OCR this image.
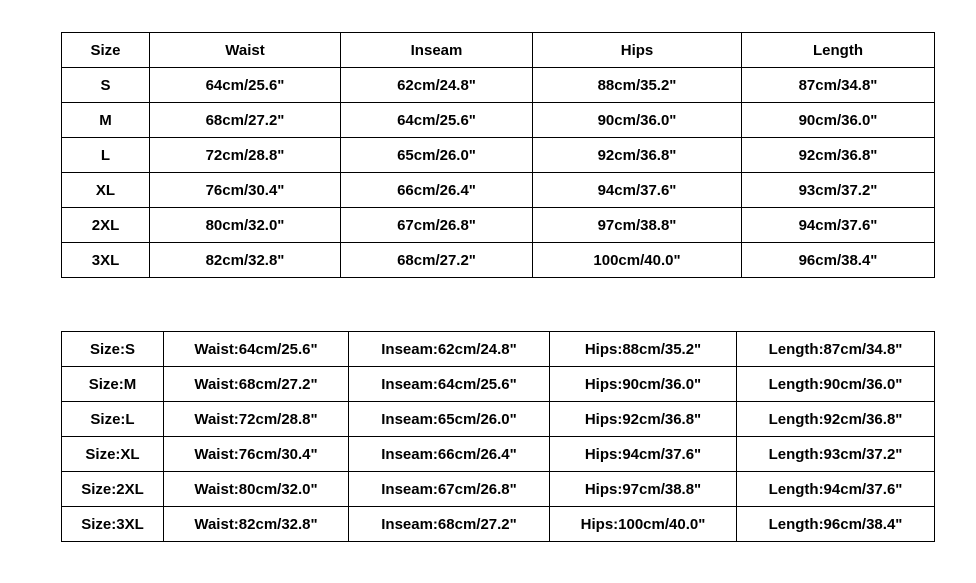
Size	Waist	Inseam	Hips	Length
S	64cm/25.6"	62cm/24.8"	88cm/35.2"	87cm/34.8"
M	68cm/27.2"	64cm/25.6"	90cm/36.0"	90cm/36.0"
L	72cm/28.8"	65cm/26.0"	92cm/36.8"	92cm/36.8"
XL	76cm/30.4"	66cm/26.4"	94cm/37.6"	93cm/37.2"
2XL	80cm/32.0"	67cm/26.8"	97cm/38.8"	94cm/37.6"
3XL	82cm/32.8"	68cm/27.2"	100cm/40.0"	96cm/38.4"
Size:S	Waist:64cm/25.6"	Inseam:62cm/24.8"	Hips:88cm/35.2"	Length:87cm/34.8"
Size:M	Waist:68cm/27.2"	Inseam:64cm/25.6"	Hips:90cm/36.0"	Length:90cm/36.0"
Size:L	Waist:72cm/28.8"	Inseam:65cm/26.0"	Hips:92cm/36.8"	Length:92cm/36.8"
Size:XL	Waist:76cm/30.4"	Inseam:66cm/26.4"	Hips:94cm/37.6"	Length:93cm/37.2"
Size:2XL	Waist:80cm/32.0"	Inseam:67cm/26.8"	Hips:97cm/38.8"	Length:94cm/37.6"
Size:3XL	Waist:82cm/32.8"	Inseam:68cm/27.2"	Hips:100cm/40.0"	Length:96cm/38.4"
